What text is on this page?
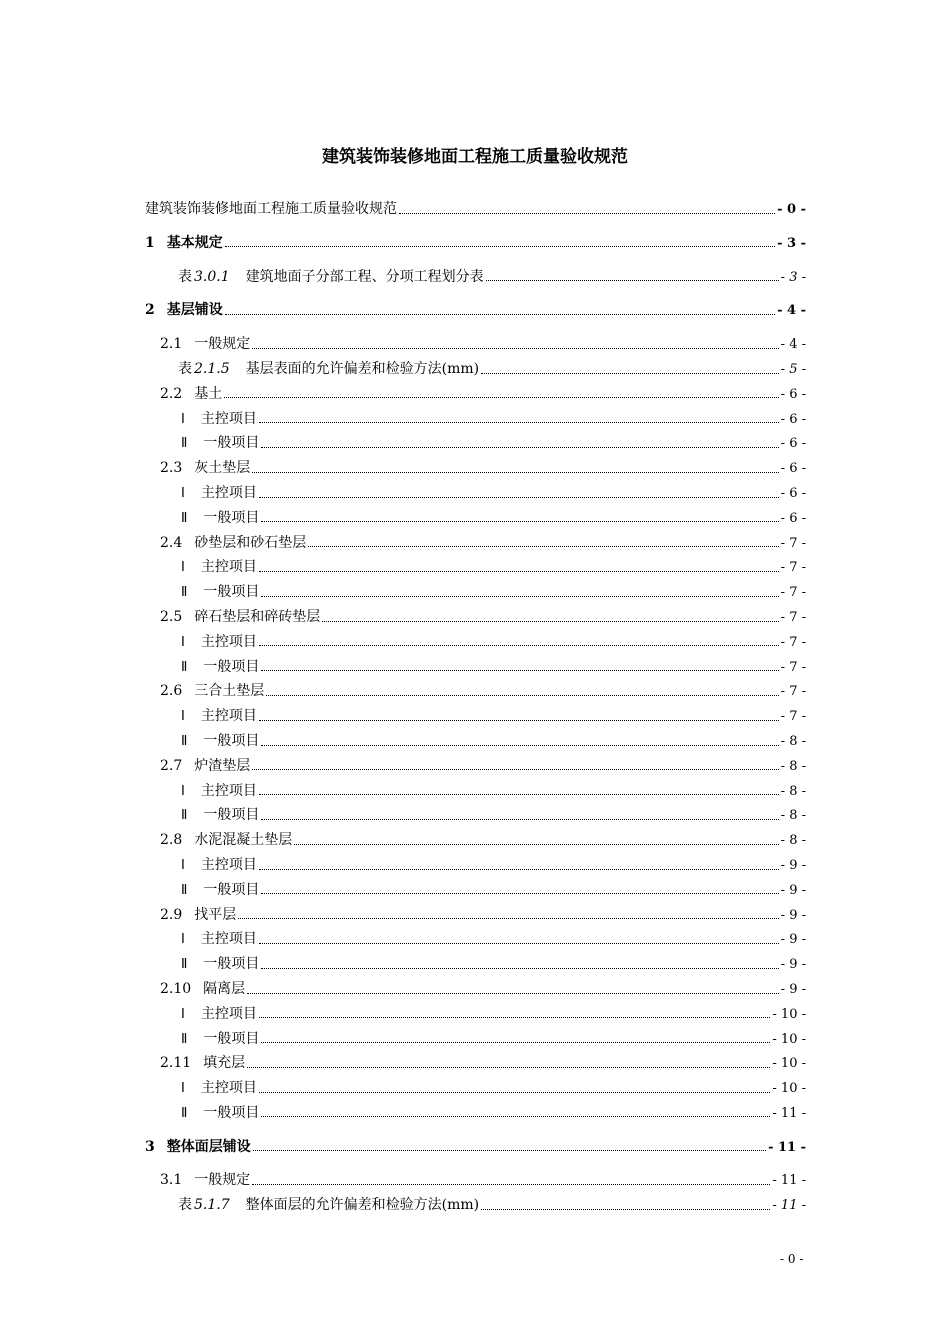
建筑装饰装修地面工程施工质量验收规范
建筑装饰装修地面工程施工质量验收规范	- 0 -
1 基本规定	- 3 -
表 3.0.1 建筑地面子分部工程、分项工程划分表	- 3 -
2 基层铺设	- 4 -
2.1 一般规定	- 4 -
表 2.1.5 基层表面的允许偏差和检验方法(mm)	- 5 -
2.2 基土	- 6 -
Ⅰ 主控项目	- 6 -
Ⅱ 一般项目	- 6 -
2.3 灰土垫层	- 6 -
Ⅰ 主控项目	- 6 -
Ⅱ 一般项目	- 6 -
2.4 砂垫层和砂石垫层	- 7 -
Ⅰ 主控项目	- 7 -
Ⅱ 一般项目	- 7 -
2.5 碎石垫层和碎砖垫层	- 7 -
Ⅰ 主控项目	- 7 -
Ⅱ 一般项目	- 7 -
2.6 三合土垫层	- 7 -
Ⅰ 主控项目	- 7 -
Ⅱ 一般项目	- 8 -
2.7 炉渣垫层	- 8 -
Ⅰ 主控项目	- 8 -
Ⅱ 一般项目	- 8 -
2.8 水泥混凝土垫层	- 8 -
Ⅰ 主控项目	- 9 -
Ⅱ 一般项目	- 9 -
2.9 找平层	- 9 -
Ⅰ 主控项目	- 9 -
Ⅱ 一般项目	- 9 -
2.10 隔离层	- 9 -
Ⅰ 主控项目	- 10 -
Ⅱ 一般项目	- 10 -
2.11 填充层	- 10 -
Ⅰ 主控项目	- 10 -
Ⅱ 一般项目	- 11 -
3 整体面层铺设	- 11 -
3.1 一般规定	- 11 -
表 5.1.7 整体面层的允许偏差和检验方法(mm)	- 11 -
- 0 -
